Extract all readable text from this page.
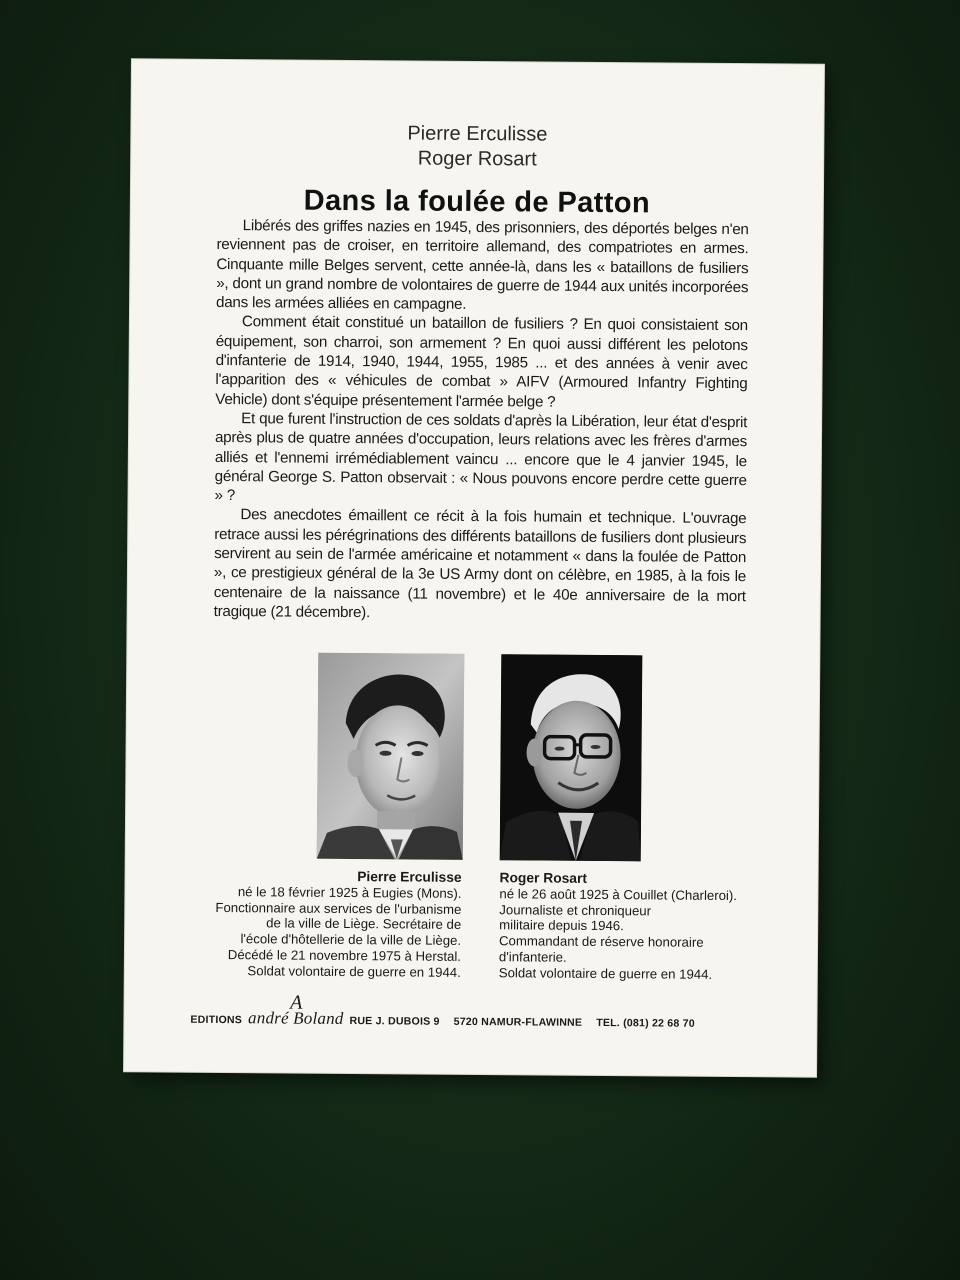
Pierre Erculisse
Roger Rosart
Dans la foulée de Patton

Libérés des griffes nazies en 1945, des prisonniers, des déportés belges n'en reviennent pas de croiser, en territoire allemand, des compatriotes en armes. Cinquante mille Belges servent, cette année-là, dans les « bataillons de fusiliers », dont un grand nombre de volontaires de guerre de 1944 aux unités incorporées dans les armées alliées en campagne.

Comment était constitué un bataillon de fusiliers ? En quoi consistaient son équipement, son charroi, son armement ? En quoi aussi différent les pelotons d'infanterie de 1914, 1940, 1944, 1955, 1985 ... et des années à venir avec l'apparition des « véhicules de combat » AIFV (Armoured Infantry Fighting Vehicle) dont s'équipe présentement l'armée belge ?

Et que furent l'instruction de ces soldats d'après la Libération, leur état d'esprit après plus de quatre années d'occupation, leurs relations avec les frères d'armes alliés et l'ennemi irrémédiablement vaincu ... encore que le 4 janvier 1945, le général George S. Patton observait : « Nous pouvons encore perdre cette guerre » ?

Des anecdotes émaillent ce récit à la fois humain et technique. L'ouvrage retrace aussi les pérégrinations des différents bataillons de fusiliers dont plusieurs servirent au sein de l'armée américaine et notamment « dans la foulée de Patton », ce prestigieux général de la 3e US Army dont on célèbre, en 1985, à la fois le centenaire de la naissance (11 novembre) et le 40e anniversaire de la mort tragique (21 décembre).

Pierre Erculisse
né le 18 février 1925 à Eugies (Mons).
Fonctionnaire aux services de l'urbanisme
de la ville de Liège. Secrétaire de
l'école d'hôtellerie de la ville de Liège.
Décédé le 21 novembre 1975 à Herstal.
Soldat volontaire de guerre en 1944.
Roger Rosart
né le 26 août 1925 à Couillet (Charleroi).
Journaliste et chroniqueur
militaire depuis 1946.
Commandant de réserve honoraire
d'infanterie.
Soldat volontaire de guerre en 1944.
EDITIONS andré Boland
A
RUE J. DUBOIS 9 5720 NAMUR-FLAWINNE TEL. (081) 22 68 70
